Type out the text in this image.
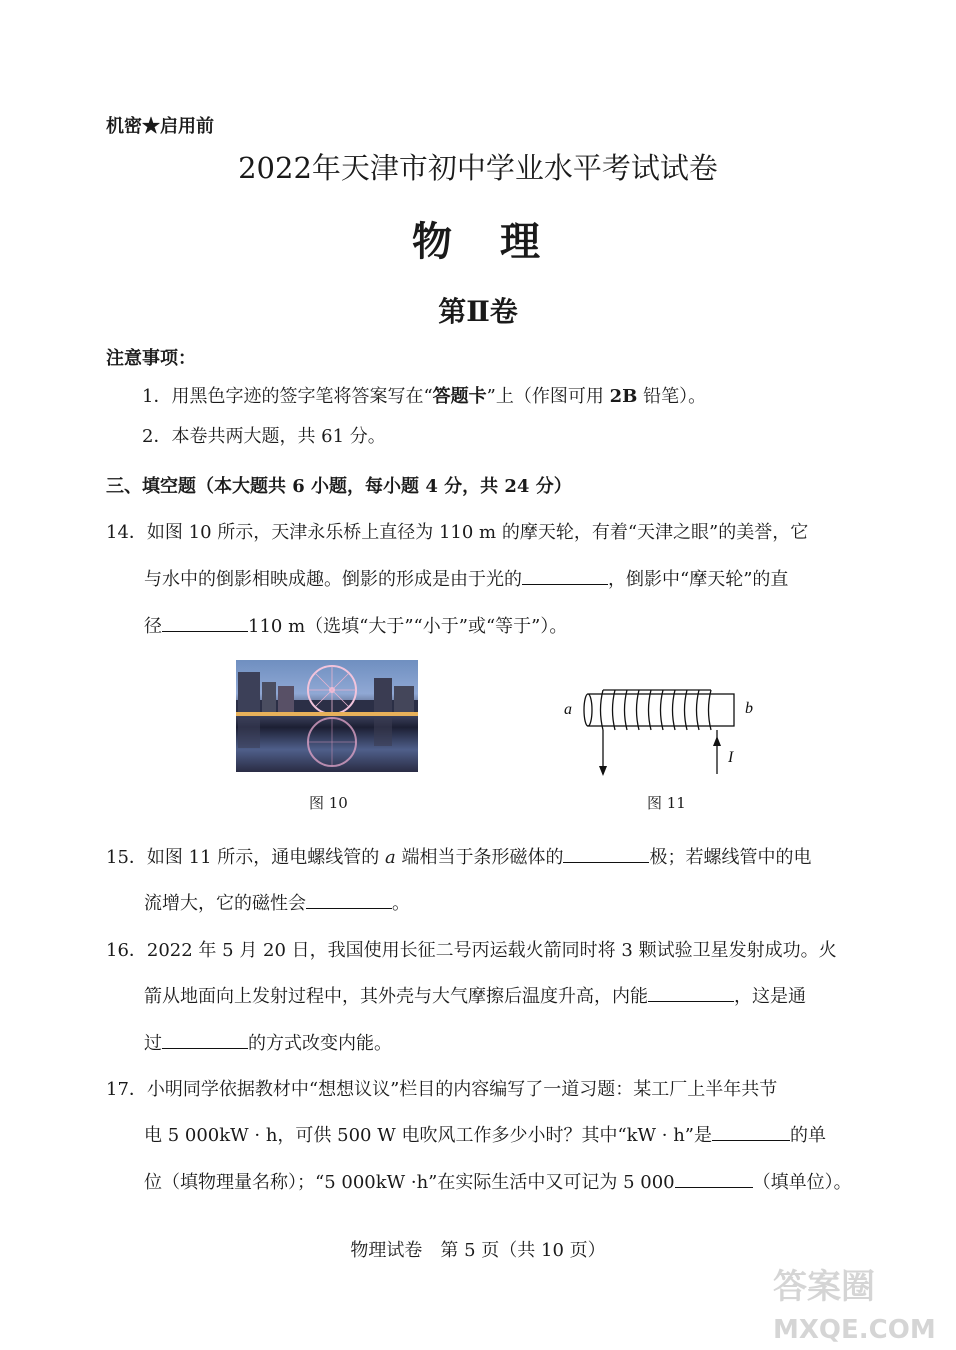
机密★启用前
2022年天津市初中学业水平考试试卷
物　理
第Ⅱ卷
注意事项：
1．用黑色字迹的签字笔将答案写在“答题卡”上（作图可用 2B 铅笔）。
2．本卷共两大题，共 61 分。
三、填空题（本大题共 6 小题，每小题 4 分，共 24 分）
14．如图 10 所示，天津永乐桥上直径为 110 m 的摩天轮，有着“天津之眼”的美誉，它
与水中的倒影相映成趣。倒影的形成是由于光的	，倒影中“摩天轮”的直
径	110 m（选填“大于”“小于”或“等于”）。
图 10
a	b
I
图 11
15．如图 11 所示，通电螺线管的 a 端相当于条形磁体的	极；若螺线管中的电
流增大，它的磁性会	。
16．2022 年 5 月 20 日，我国使用长征二号丙运载火箭同时将 3 颗试验卫星发射成功。火
箭从地面向上发射过程中，其外壳与大气摩擦后温度升高，内能	，这是通
过	的方式改变内能。
17．小明同学依据教材中“想想议议”栏目的内容编写了一道习题：某工厂上半年共节
电 5 000kW · h，可供 500 W 电吹风工作多少小时？其中“kW · h”是	的单
位（填物理量名称）；“5 000kW ·h”在实际生活中又可记为 5 000	（填单位）。
物理试卷　第 5 页（共 10 页）
答案圈
MXQE.COM
